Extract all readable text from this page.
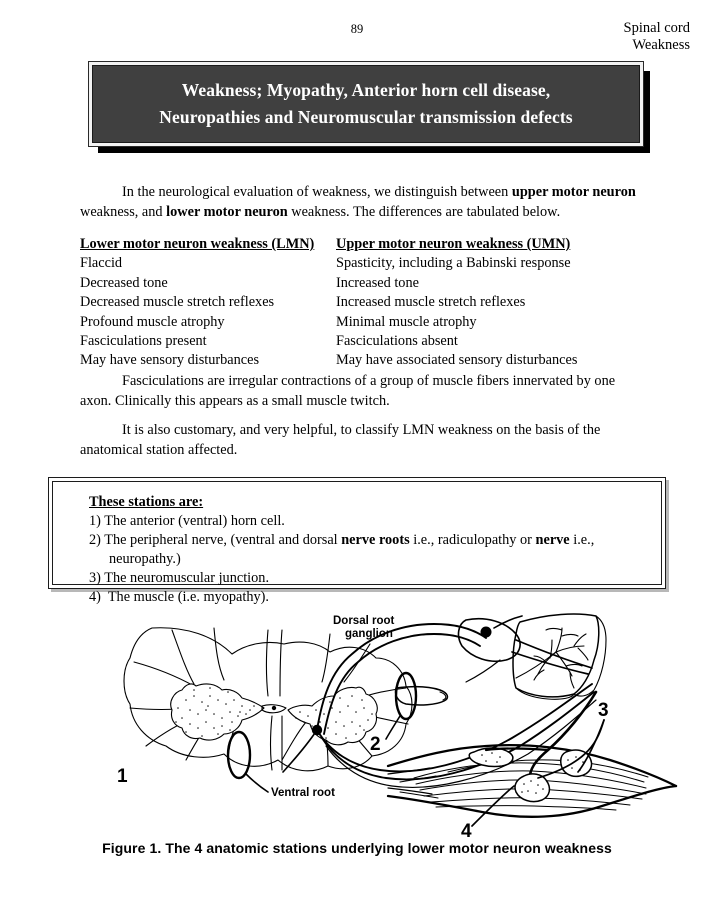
89	Spinal cord
Weakness
Weakness; Myopathy, Anterior horn cell disease,
Neuropathies and Neuromuscular transmission defects

In the neurological evaluation of weakness, we distinguish between upper motor neuron weakness, and lower motor neuron weakness. The differences are tabulated below.

Lower motor neuron weakness (LMN)	Upper motor neuron weakness (UMN)
Flaccid	Spasticity, including a Babinski response
Decreased tone	Increased tone
Decreased muscle stretch reflexes	Increased muscle stretch reflexes
Profound muscle atrophy	Minimal muscle atrophy
Fasciculations present	Fasciculations absent
May have sensory disturbances	May have associated sensory disturbances

Fasciculations are irregular contractions of a group of muscle fibers innervated by one axon. Clinically this appears as a small muscle twitch.

It is also customary, and very helpful, to classify LMN weakness on the basis of the anatomical station affected.

These stations are:
1) The anterior (ventral) horn cell.
2) The peripheral nerve, (ventral and dorsal nerve roots i.e., radiculopathy or nerve i.e.,
neuropathy.)
3) The neuromuscular junction.
4)  The muscle (i.e. myopathy).
Dorsal root
ganglion
Ventral root
1
2
3
4
Figure 1. The 4 anatomic stations underlying lower motor neuron weakness
